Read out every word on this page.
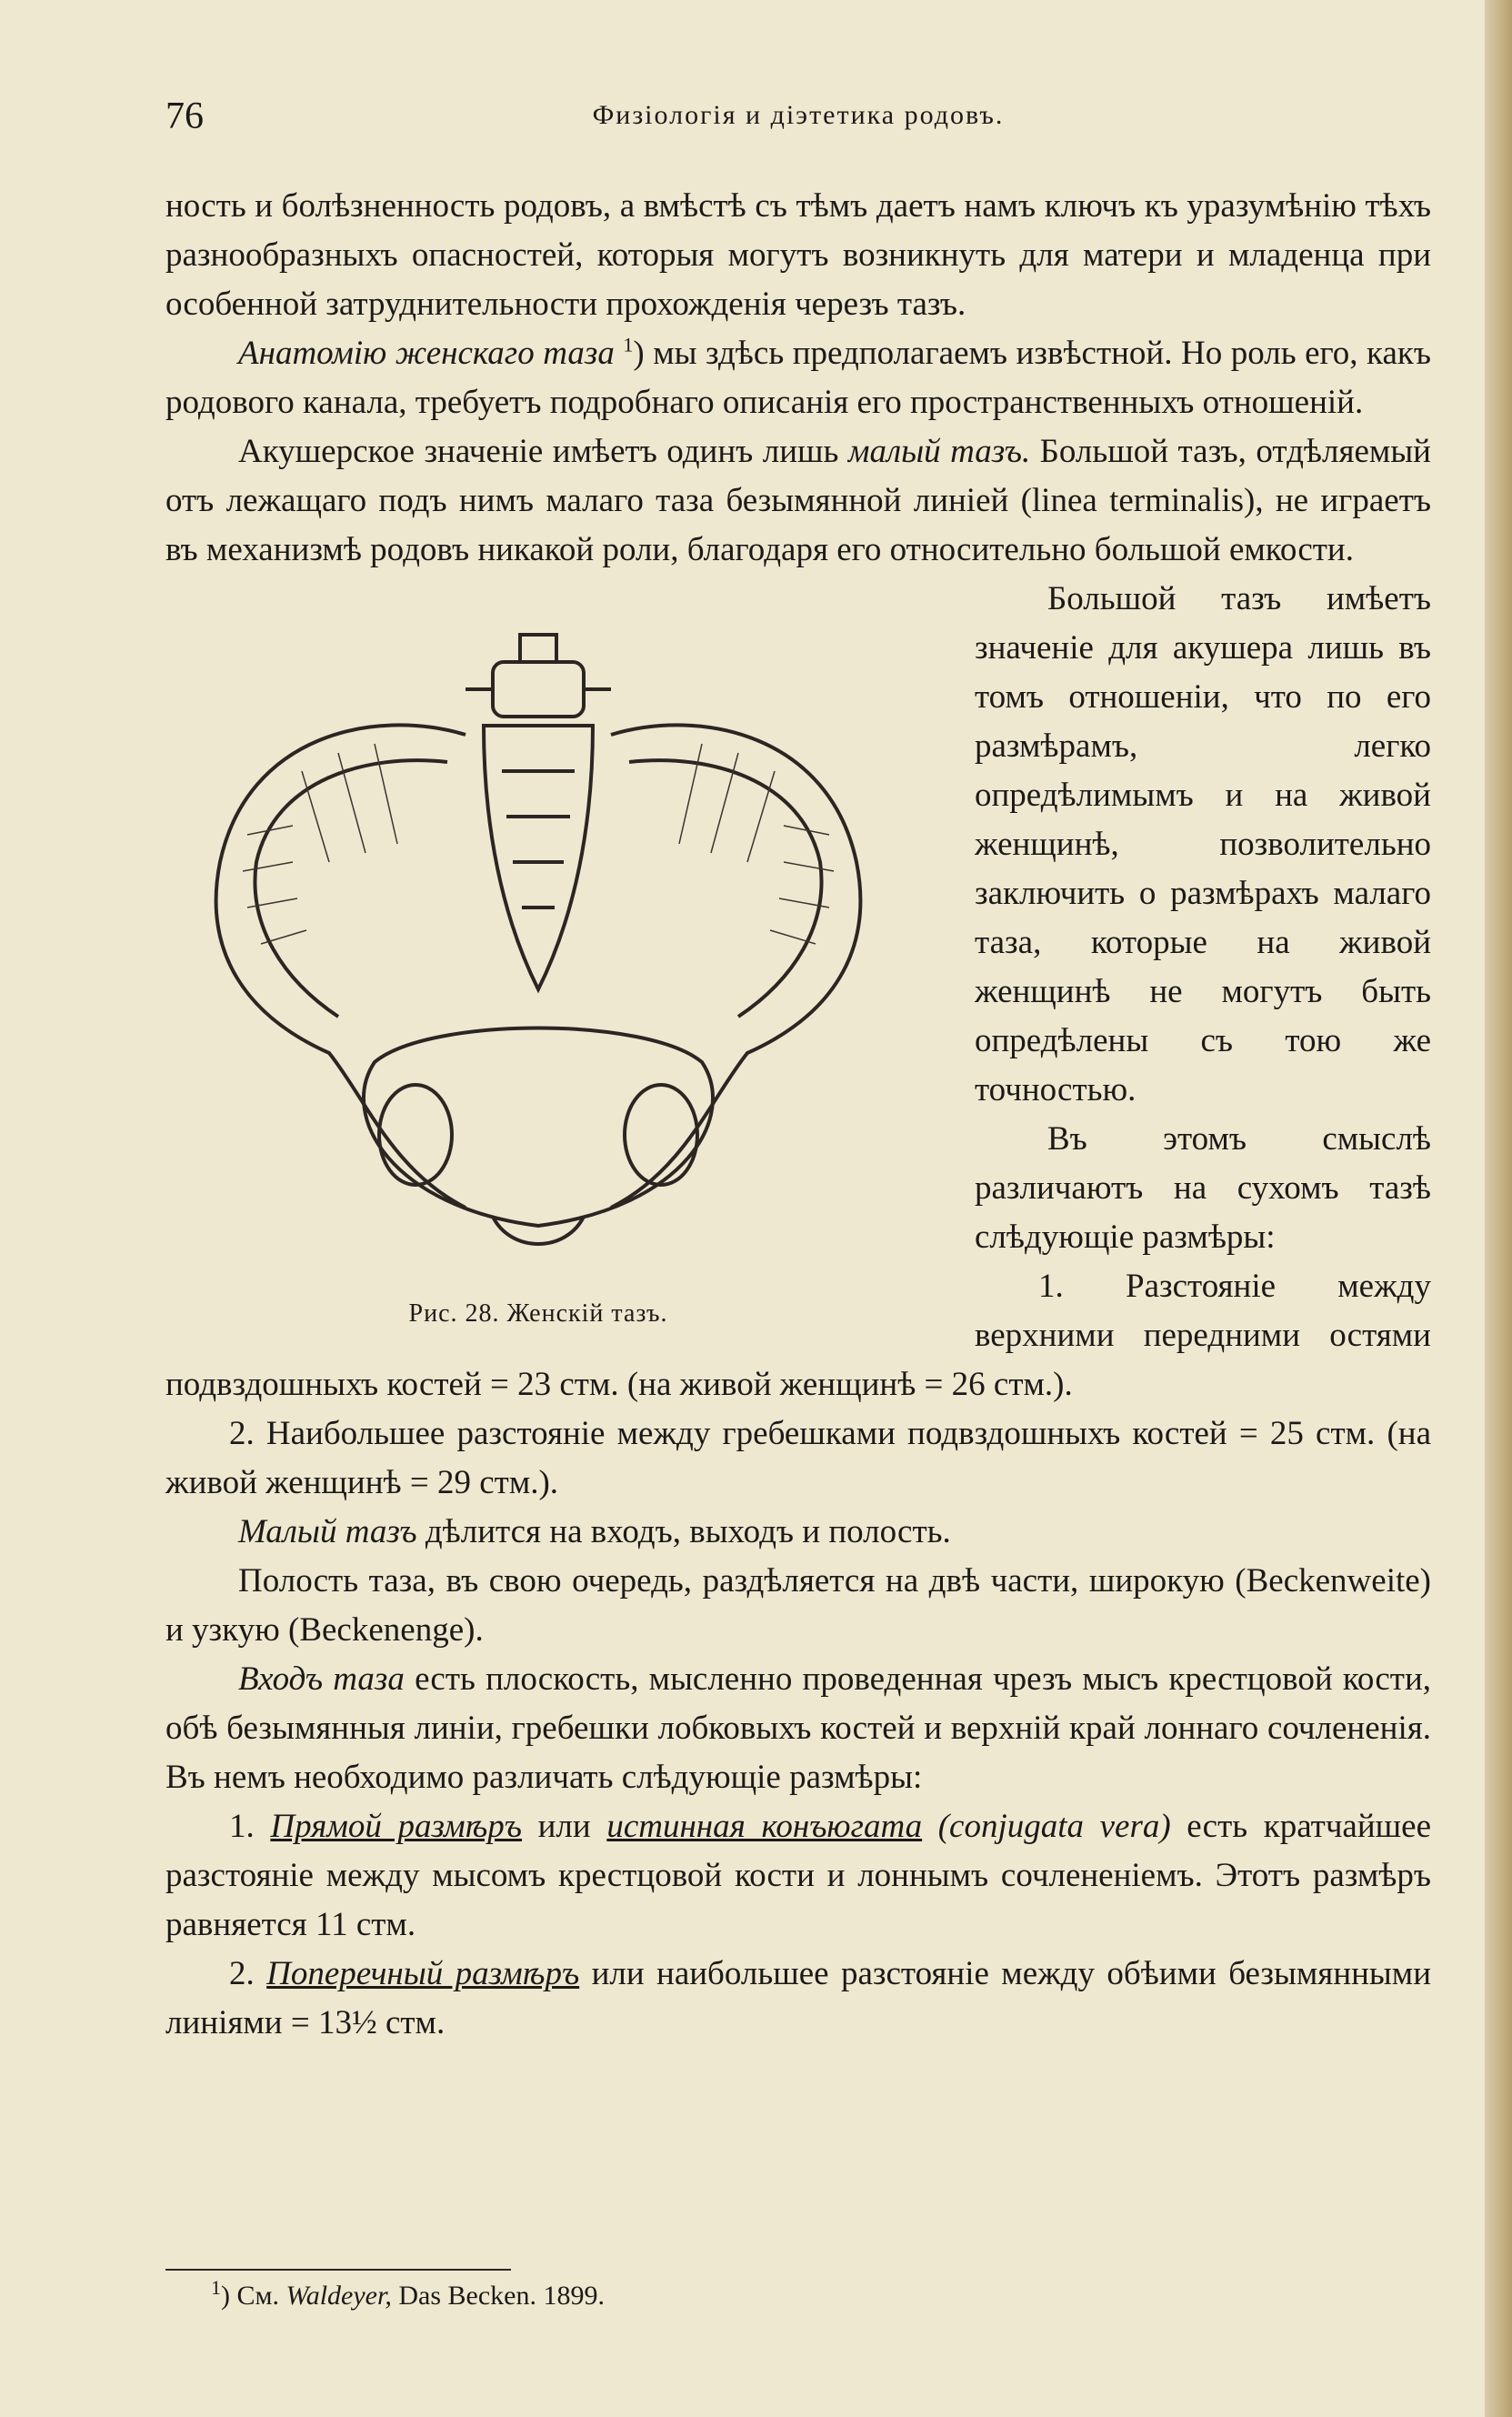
76	Физіологія и діэтетика родовъ.

ность и болѣзненность родовъ, а вмѣстѣ съ тѣмъ даетъ намъ ключъ къ уразумѣнію тѣхъ разнообразныхъ опасностей, которыя могутъ возникнуть для матери и младенца при особенной затруднительности прохожденія черезъ тазъ.

Анатомію женскаго таза $^1$) мы здѣсь предполагаемъ извѣстной. Но роль его, какъ родового канала, требуетъ подробнаго описанія его пространственныхъ отношеній.

Акушерское значеніе имѣетъ одинъ лишь малый тазъ. Большой тазъ, отдѣляемый отъ лежащаго подъ нимъ малаго таза безымянной линіей (linea terminalis), не играетъ въ механизмѣ родовъ никакой роли, благодаря его относительно большой емкости.

Рис. 28. Женскій тазъ.

Большой тазъ имѣетъ значеніе для акушера лишь въ томъ отношеніи, что по его размѣрамъ, легко опредѣлимымъ и на живой женщинѣ, позволительно заключить о размѣрахъ малаго таза, которые на живой женщинѣ не могутъ быть опредѣлены съ тою же точностью.

Въ этомъ смыслѣ различаютъ на сухомъ тазѣ слѣдующіе размѣры:

1. Разстояніе между верхними передними остями подвздошныхъ костей = 23 стм. (на живой женщинѣ = 26 стм.).

2. Наибольшее разстояніе между гребешками подвздошныхъ костей = 25 стм. (на живой женщинѣ = 29 стм.).

Малый тазъ дѣлится на входъ, выходъ и полость.

Полость таза, въ свою очередь, раздѣляется на двѣ части, широкую (Beckenweite) и узкую (Beckenenge).

Входъ таза есть плоскость, мысленно проведенная чрезъ мысъ крестцовой кости, обѣ безымянныя линіи, гребешки лобковыхъ костей и верхній край лоннаго сочлененія. Въ немъ необходимо различать слѣдующіе размѣры:

1. Прямой размѣръ или истинная конъюгата (conjugata vera) есть кратчайшее разстояніе между мысомъ крестцовой кости и лоннымъ сочлененіемъ. Этотъ размѣръ равняется 11 стм.

2. Поперечный размѣръ или наибольшее разстояніе между обѣими безымянными линіями = 13½ стм.

$^1$) См. Waldeyer, Das Becken. 1899.
